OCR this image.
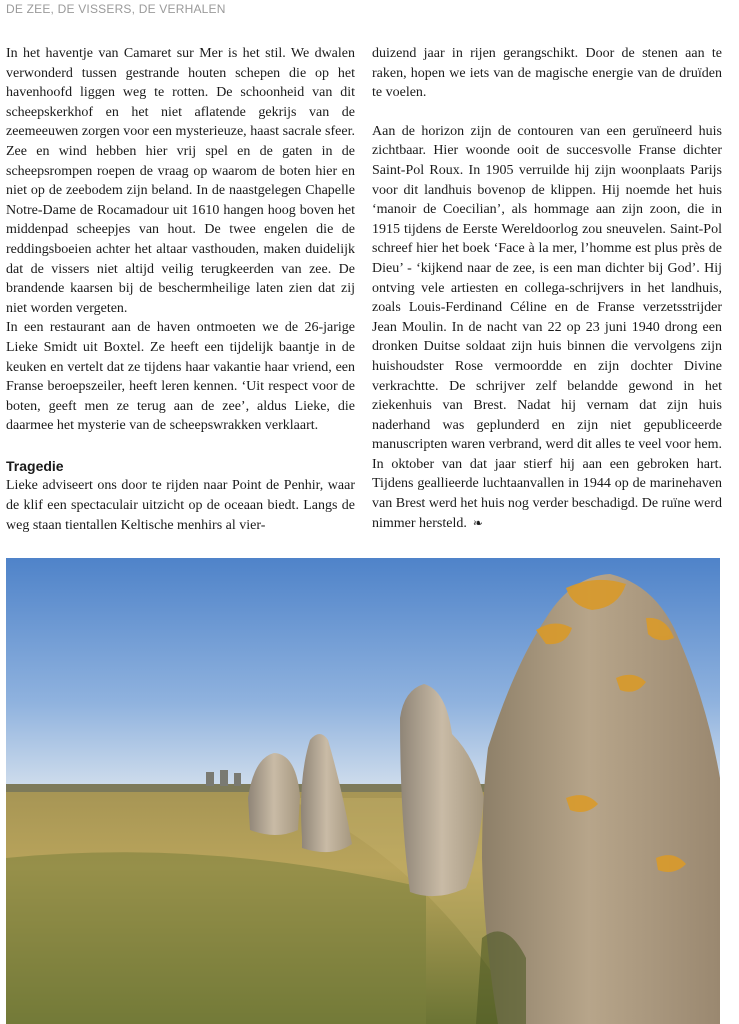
DE ZEE, DE VISSERS, DE VERHALEN

In het haventje van Camaret sur Mer is het stil. We dwalen verwonderd tussen gestrande houten schepen die op het havenhoofd liggen weg te rotten. De schoonheid van dit scheepskerkhof en het niet aflatende gekrijs van de zeemeeuwen zorgen voor een mysterieuze, haast sacrale sfeer. Zee en wind hebben hier vrij spel en de gaten in de scheepsrompen roepen de vraag op waarom de boten hier en niet op de zeebodem zijn beland. In de naastgelegen Chapelle Notre-Dame de Rocamadour uit 1610 hangen hoog boven het middenpad scheepjes van hout. De twee engelen die de reddingsboeien achter het altaar vasthouden, maken duidelijk dat de vissers niet altijd veilig terugkeerden van zee. De brandende kaarsen bij de beschermheilige laten zien dat zij niet worden vergeten.

In een restaurant aan de haven ontmoeten we de 26-jarige Lieke Smidt uit Boxtel. Ze heeft een tijdelijk baantje in de keuken en vertelt dat ze tijdens haar vakantie haar vriend, een Franse beroepszeiler, heeft leren kennen. ‘Uit respect voor de boten, geeft men ze terug aan de zee’, aldus Lieke, die daarmee het mysterie van de scheepswrakken verklaart.

Tragedie

Lieke adviseert ons door te rijden naar Point de Penhir, waar de klif een spectaculair uitzicht op de oceaan biedt. Langs de weg staan tientallen Keltische menhirs al vier-

duizend jaar in rijen gerangschikt. Door de stenen aan te raken, hopen we iets van de magische energie van de druïden te voelen.

Aan de horizon zijn de contouren van een geruïneerd huis zichtbaar. Hier woonde ooit de succesvolle Franse dichter Saint-Pol Roux. In 1905 verruilde hij zijn woonplaats Parijs voor dit landhuis bovenop de klippen. Hij noemde het huis ‘manoir de Coecilian’, als hommage aan zijn zoon, die in 1915 tijdens de Eerste Wereldoorlog zou sneuvelen. Saint-Pol schreef hier het boek ‘Face à la mer, l’homme est plus près de Dieu’ - ‘kijkend naar de zee, is een man dichter bij God’. Hij ontving vele artiesten en collega-schrijvers in het landhuis, zoals Louis-Ferdinand Céline en de Franse verzetsstrijder Jean Moulin. In de nacht van 22 op 23 juni 1940 drong een dronken Duitse soldaat zijn huis binnen die vervolgens zijn huishoudster Rose vermoordde en zijn dochter Divine verkrachtte. De schrijver zelf belandde gewond in het ziekenhuis van Brest. Nadat hij vernam dat zijn huis naderhand was geplunderd en zijn niet gepubliceerde manuscripten waren verbrand, werd dit alles te veel voor hem. In oktober van dat jaar stierf hij aan een gebroken hart. Tijdens geallieerde luchtaanvallen in 1944 op de marinehaven van Brest werd het huis nog verder beschadigd. De ruïne werd nimmer hersteld. ❧
